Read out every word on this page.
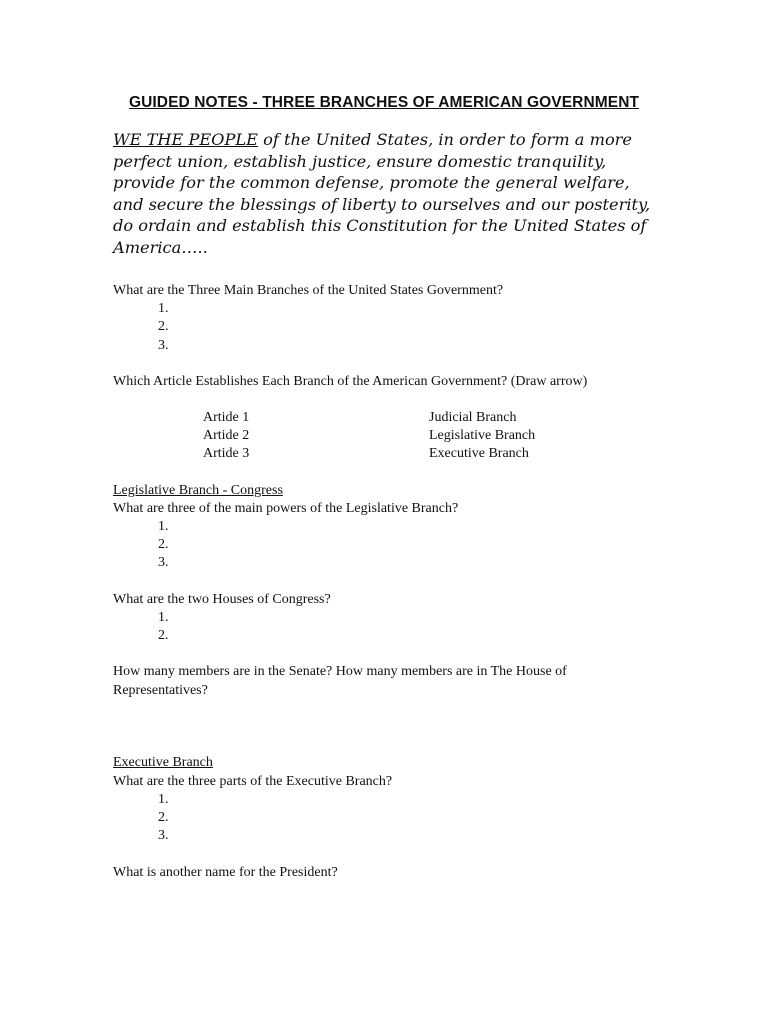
GUIDED NOTES - THREE BRANCHES OF AMERICAN GOVERNMENT
WE THE PEOPLE of the United States, in order to form a more perfect union, establish justice, ensure domestic tranquility, provide for the common defense, promote the general welfare, and secure the blessings of liberty to ourselves and our posterity, do ordain and establish this Constitution for the United States of America…..
What are the Three Main Branches of the United States Government?
1.
2.
3.
Which Article Establishes Each Branch of the American Government? (Draw arrow)
Artide 1
Artide 2
Artide 3
Judicial Branch
Legislative Branch
Executive Branch
Legislative Branch - Congress
What are three of the main powers of the Legislative Branch?
1.
2.
3.
What are the two Houses of Congress?
1.
2.
How many members are in the Senate? How many members are in The House of
Representatives?
Executive Branch
What are the three parts of the Executive Branch?
1.
2.
3.
What is another name for the President?
